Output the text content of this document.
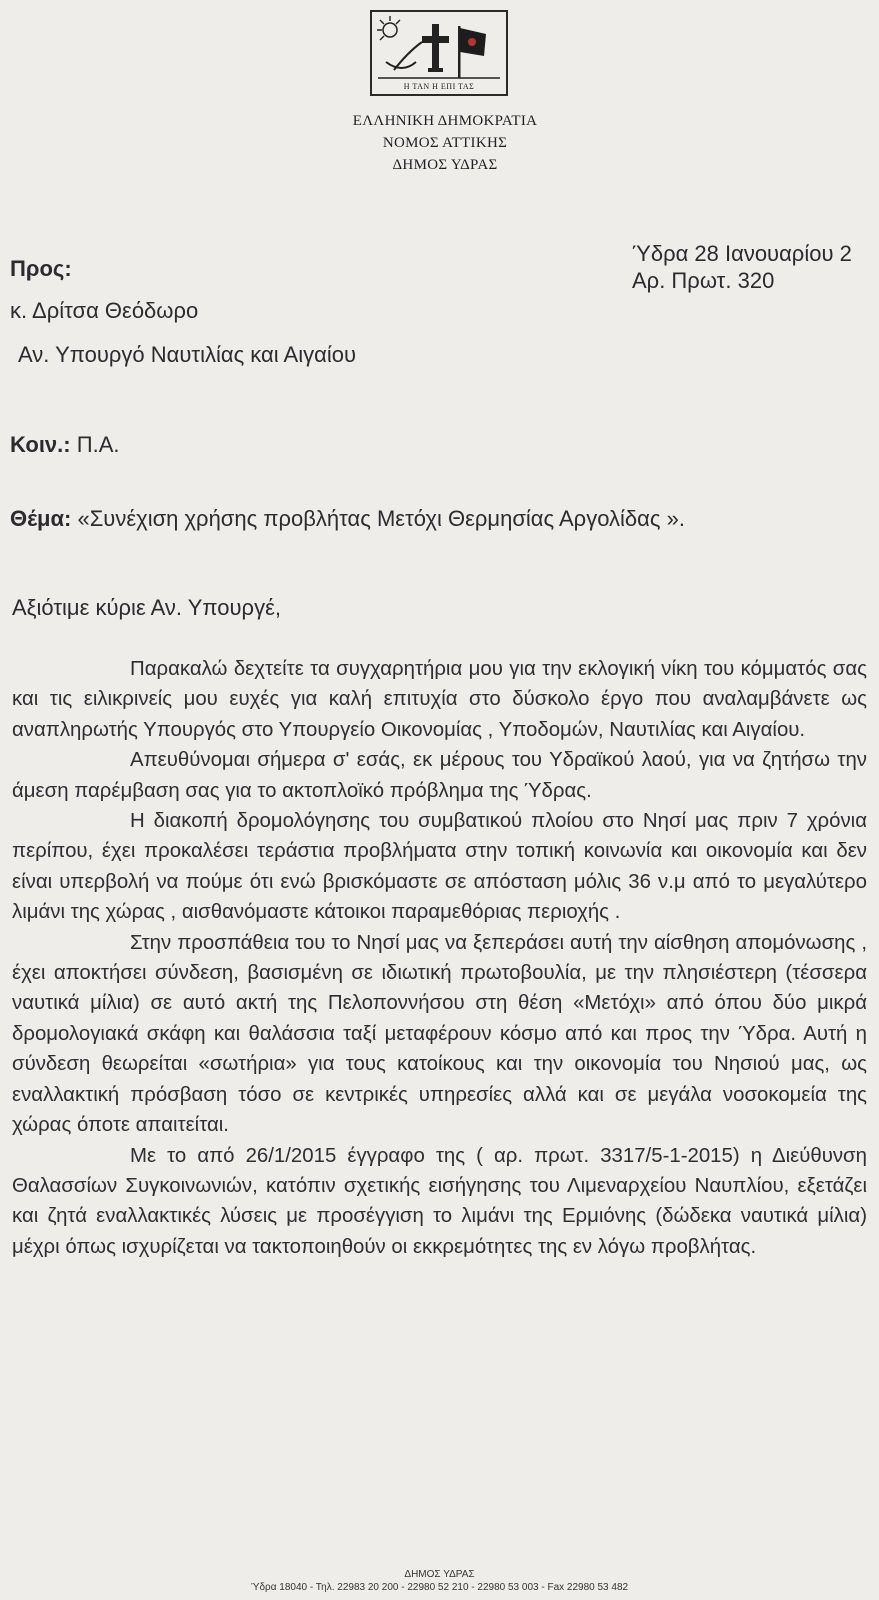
Η ΤΑΝ Η ΕΠΙ ΤΑΣ
ΕΛΛΗΝΙΚΗ ΔΗΜΟΚΡΑΤΙΑ
ΝΟΜΟΣ ΑΤΤΙΚΗΣ
ΔΗΜΟΣ ΥΔΡΑΣ
Ύδρα 28 Ιανουαρίου 2
Αρ. Πρωτ. 320
Προς:
κ. Δρίτσα Θεόδωρο
Αν. Υπουργό Ναυτιλίας και Αιγαίου
Κοιν.: Π.Α.
Θέμα: «Συνέχιση χρήσης προβλήτας Μετόχι Θερμησίας Αργολίδας ».
Αξιότιμε κύριε Αν. Υπουργέ,

Παρακαλώ δεχτείτε τα συγχαρητήρια μου για την εκλογική νίκη του κόμματός σας και τις ειλικρινείς μου ευχές για καλή επιτυχία στο δύσκολο έργο που αναλαμβάνετε ως αναπληρωτής Υπουργός στο Υπουργείο Οικονομίας , Υποδομών, Ναυτιλίας και Αιγαίου.

Απευθύνομαι σήμερα σ' εσάς, εκ μέρους του Υδραϊκού λαού, για να ζητήσω την άμεση παρέμβαση σας για το ακτοπλοϊκό πρόβλημα της Ύδρας.

Η διακοπή δρομολόγησης του συμβατικού πλοίου στο Νησί μας πριν 7 χρόνια περίπου, έχει προκαλέσει τεράστια προβλήματα στην τοπική κοινωνία και οικονομία και δεν είναι υπερβολή να πούμε ότι ενώ βρισκόμαστε σε απόσταση μόλις 36 ν.μ από το μεγαλύτερο λιμάνι της χώρας , αισθανόμαστε κάτοικοι παραμεθόριας περιοχής .

Στην προσπάθεια του το Νησί μας να ξεπεράσει αυτή την αίσθηση απομόνωσης , έχει αποκτήσει σύνδεση, βασισμένη σε ιδιωτική πρωτοβουλία, με την πλησιέστερη (τέσσερα ναυτικά μίλια) σε αυτό ακτή της Πελοποννήσου στη θέση «Μετόχι» από όπου δύο μικρά δρομολογιακά σκάφη και θαλάσσια ταξί μεταφέρουν κόσμο από και προς την Ύδρα. Αυτή η σύνδεση θεωρείται «σωτήρια» για τους κατοίκους και την οικονομία του Νησιού μας, ως εναλλακτική πρόσβαση τόσο σε κεντρικές υπηρεσίες αλλά και σε μεγάλα νοσοκομεία της χώρας όποτε απαιτείται.

Με το από 26/1/2015 έγγραφο της ( αρ. πρωτ. 3317/5-1-2015) η Διεύθυνση Θαλασσίων Συγκοινωνιών, κατόπιν σχετικής εισήγησης του Λιμεναρχείου Ναυπλίου, εξετάζει και ζητά εναλλακτικές λύσεις με προσέγγιση το λιμάνι της Ερμιόνης (δώδεκα ναυτικά μίλια) μέχρι όπως ισχυρίζεται να τακτοποιηθούν οι εκκρεμότητες της εν λόγω προβλήτας.

ΔΗΜΟΣ ΥΔΡΑΣ
Ύδρα 18040 - Τηλ. 22983 20 200 - 22980 52 210 - 22980 53 003 - Fax 22980 53 482
